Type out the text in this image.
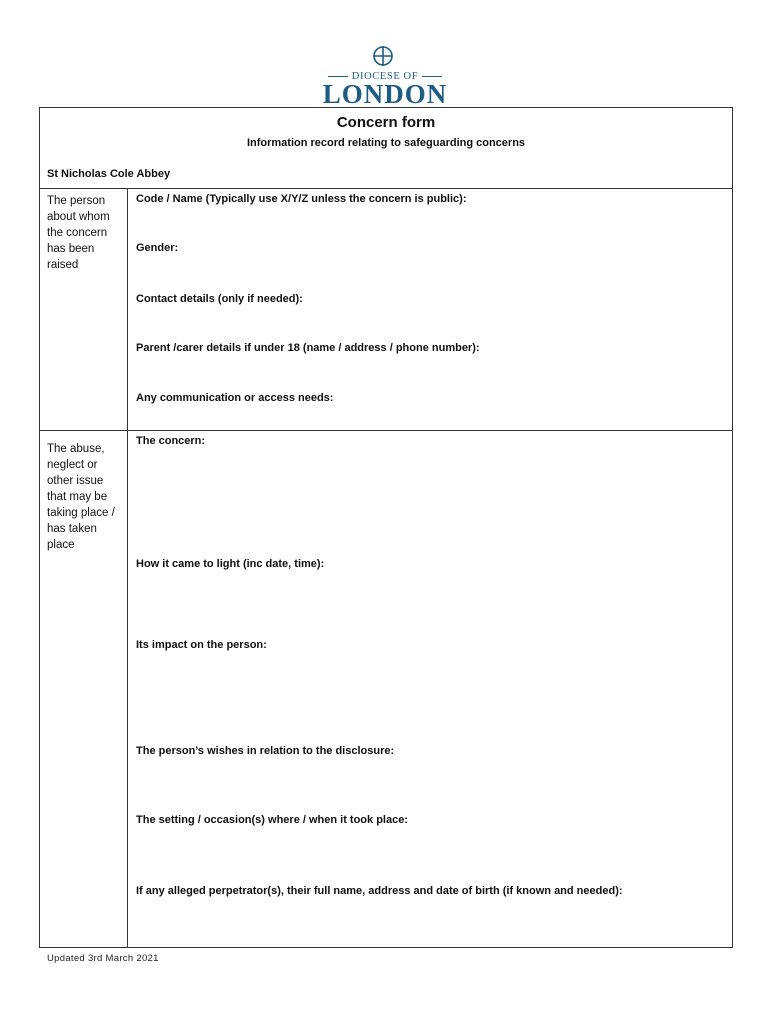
DIOCESE OF
LONDON
Concern form
Information record relating to safeguarding concerns
St Nicholas Cole Abbey
The person about whom the concern has been raised
Code / Name (Typically use X/Y/Z unless the concern is public):
Gender:
Contact details (only if needed):
Parent /carer details if under 18 (name / address / phone number):
Any communication or access needs:
The abuse, neglect or other issue that may be taking place / has taken place
The concern:
How it came to light (inc date, time):
Its impact on the person:
The person’s wishes in relation to the disclosure:
The setting / occasion(s) where / when it took place:
If any alleged perpetrator(s), their full name, address and date of birth (if known and needed):
Updated 3rd March 2021
